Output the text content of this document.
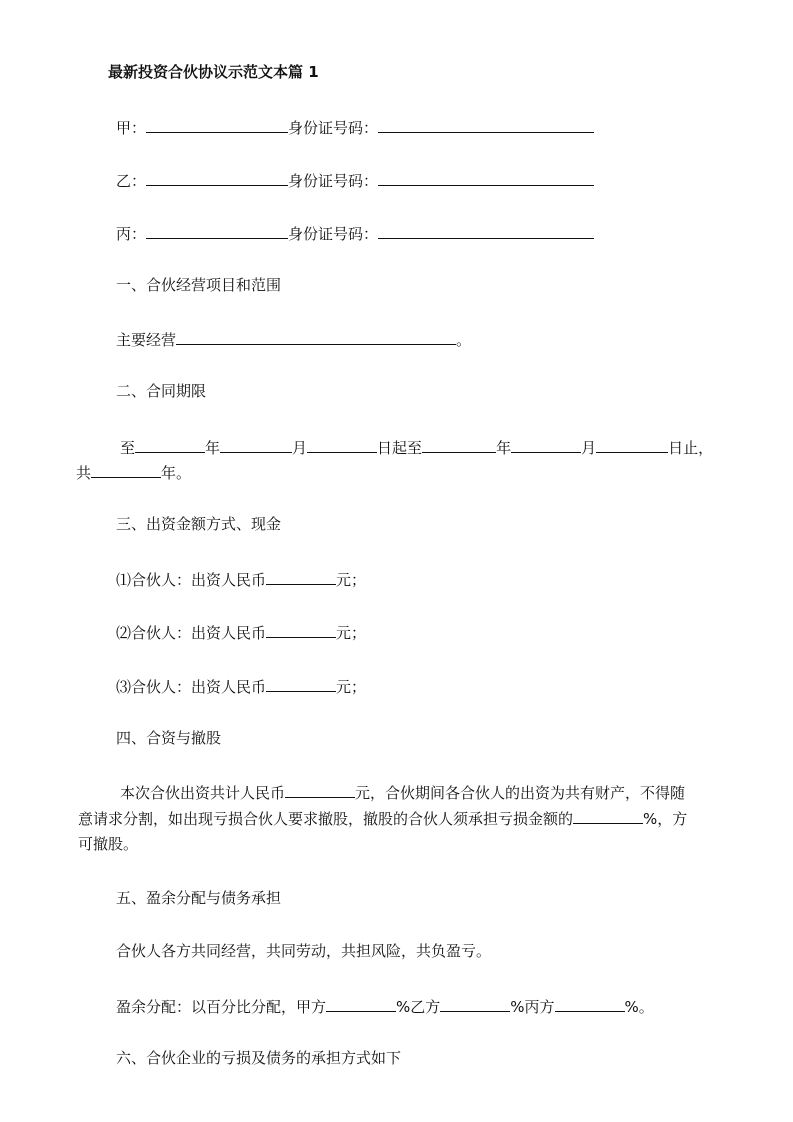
最新投资合伙协议示范文本篇 1
甲：	身份证号码：
乙：	身份证号码：
丙：	身份证号码：
一、合伙经营项目和范围
主要经营	。
二、合同期限
至	年	月	日起至	年	月	日止，
共	年。
三、出资金额方式、现金
⑴合伙人：出资人民币	元；
⑵合伙人：出资人民币	元；
⑶合伙人：出资人民币	元；
四、合资与撤股
本次合伙出资共计人民币	元，合伙期间各合伙人的出资为共有财产，不得随
意请求分割，如出现亏损合伙人要求撤股，撤股的合伙人须承担亏损金额的	%，方
可撤股。
五、盈余分配与债务承担
合伙人各方共同经营，共同劳动，共担风险，共负盈亏。
盈余分配：以百分比分配，甲方	%乙方	%丙方	%。
六、合伙企业的亏损及债务的承担方式如下
